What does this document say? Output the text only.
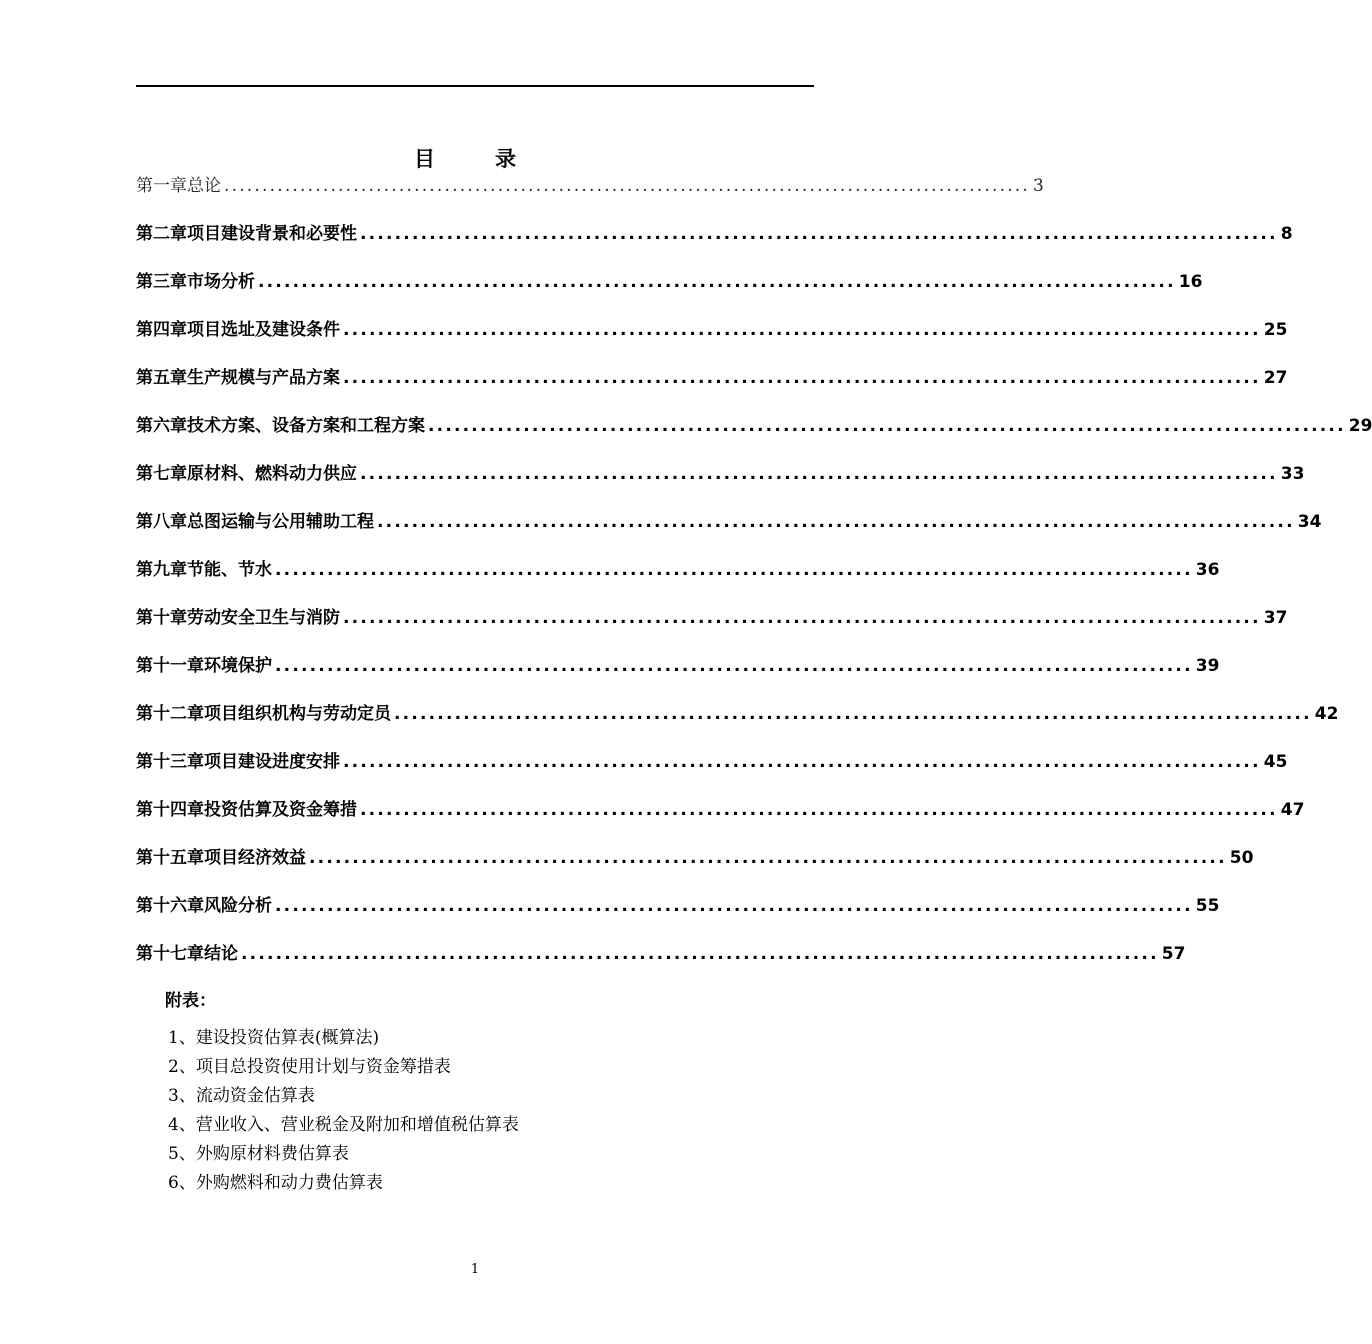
目录
第一章 总论 .......................................................................................................... 3
第二章 项目建设背景和必要性 .......................................................................................................... 8
第三章 市场分析 .......................................................................................................... 16
第四章 项目选址及建设条件 .......................................................................................................... 25
第五章 生产规模与产品方案 .......................................................................................................... 27
第六章 技术方案、设备方案和工程方案 .......................................................................................................... 29
第七章 原材料、燃料动力供应 .......................................................................................................... 33
第八章 总图运输与公用辅助工程 .......................................................................................................... 34
第九章 节能、节水 .......................................................................................................... 36
第十章 劳动安全卫生与消防 .......................................................................................................... 37
第十一章 环境保护 .......................................................................................................... 39
第十二章 项目组织机构与劳动定员 .......................................................................................................... 42
第十三章 项目建设进度安排 .......................................................................................................... 45
第十四章 投资估算及资金筹措 .......................................................................................................... 47
第十五章 项目经济效益 .......................................................................................................... 50
第十六章 风险分析 .......................................................................................................... 55
第十七章 结论 .......................................................................................................... 57
附表：
1、建设投资估算表(概算法)
2、项目总投资使用计划与资金筹措表
3、流动资金估算表
4、营业收入、营业税金及附加和增值税估算表
5、外购原材料费估算表
6、外购燃料和动力费估算表
1
